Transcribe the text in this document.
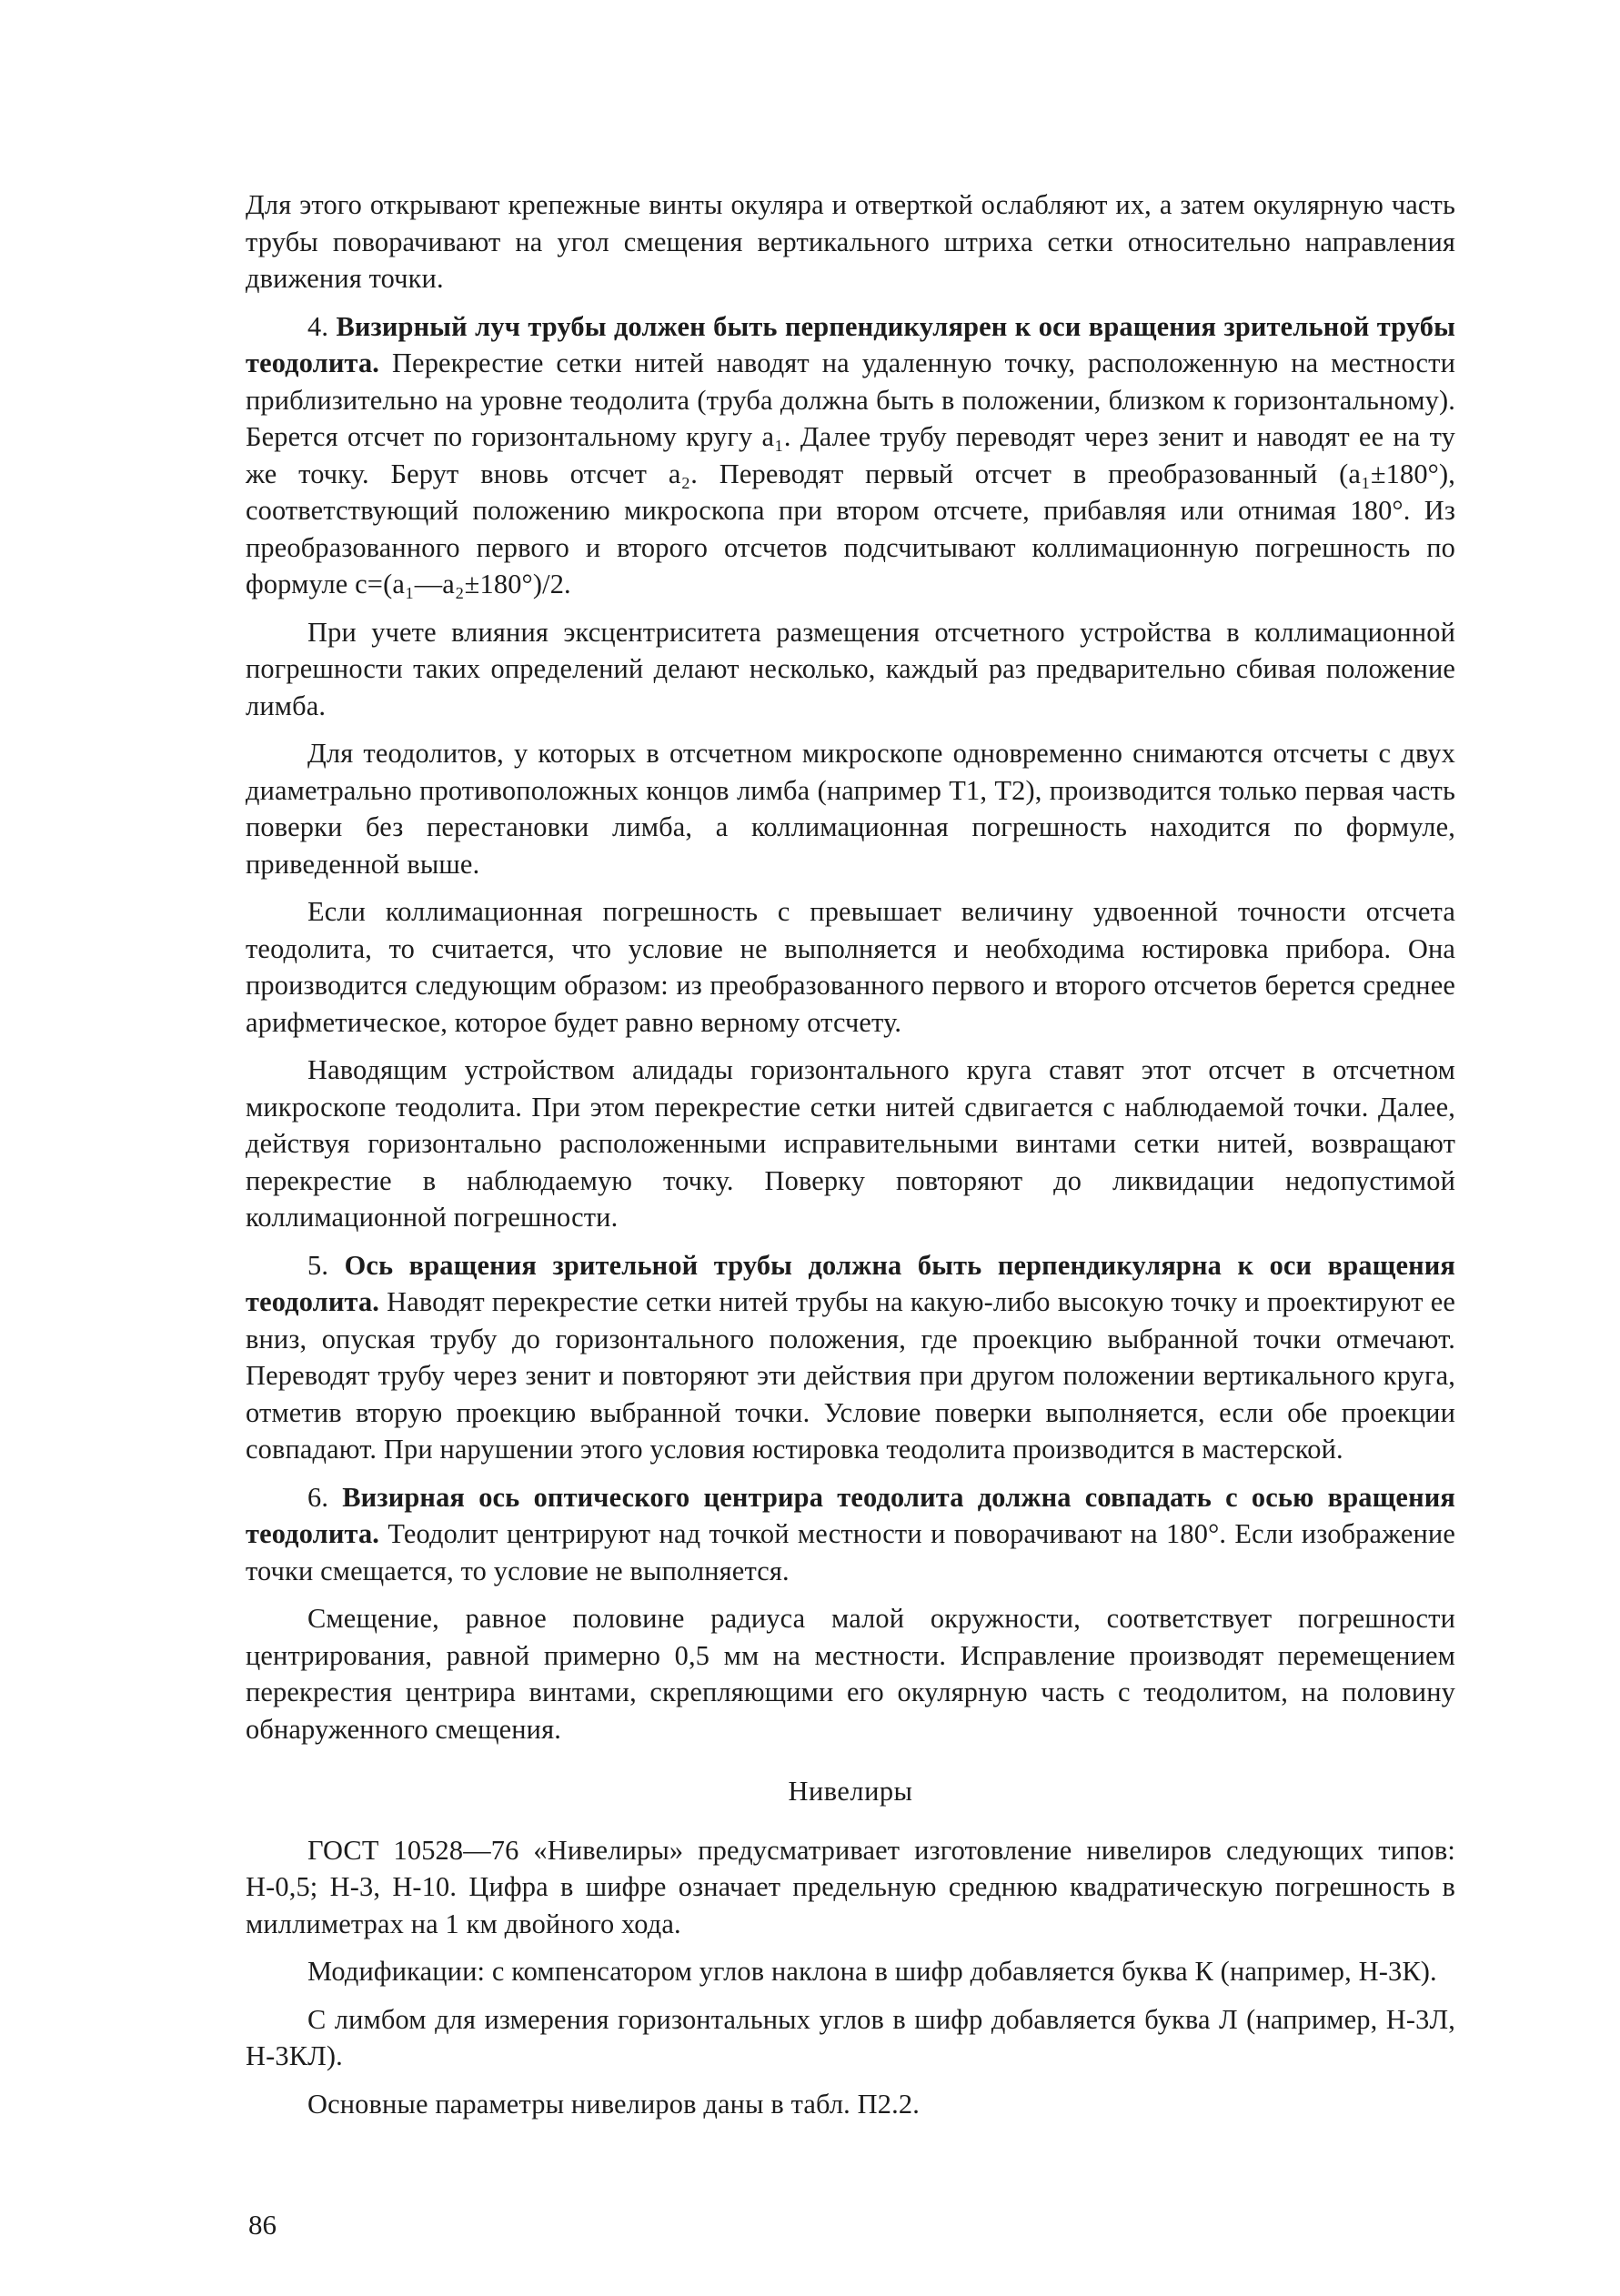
Для этого открывают крепежные винты окуляра и отверткой ослабляют их, а затем окулярную часть трубы поворачивают на угол смещения вертикального штриха сетки относительно направления движения точки.

4. Визирный луч трубы должен быть перпендикулярен к оси вращения зрительной трубы теодолита. Перекрестие сетки нитей наводят на удаленную точку, расположенную на местности приблизительно на уровне теодолита (труба должна быть в положении, близком к горизонтальному). Берется отсчет по горизонтальному кругу a₁. Далее трубу переводят через зенит и наводят ее на ту же точку. Берут вновь отсчет a₂. Переводят первый отсчет в преобразованный (a₁±180°), соответствующий положению микроскопа при втором отсчете, прибавляя или отнимая 180°. Из преобразованного первого и второго отсчетов подсчитывают коллимационную погрешность по формуле c=(a₁—a₂±180°)/2.

При учете влияния эксцентриситета размещения отсчетного устройства в коллимационной погрешности таких определений делают несколько, каждый раз предварительно сбивая положение лимба.

Для теодолитов, у которых в отсчетном микроскопе одновременно снимаются отсчеты с двух диаметрально противоположных концов лимба (например Т1, Т2), производится только первая часть поверки без перестановки лимба, а коллимационная погрешность находится по формуле, приведенной выше.

Если коллимационная погрешность c превышает величину удвоенной точности отсчета теодолита, то считается, что условие не выполняется и необходима юстировка прибора. Она производится следующим образом: из преобразованного первого и второго отсчетов берется среднее арифметическое, которое будет равно верному отсчету.

Наводящим устройством алидады горизонтального круга ставят этот отсчет в отсчетном микроскопе теодолита. При этом перекрестие сетки нитей сдвигается с наблюдаемой точки. Далее, действуя горизонтально расположенными исправительными винтами сетки нитей, возвращают перекрестие в наблюдаемую точку. Поверку повторяют до ликвидации недопустимой коллимационной погрешности.

5. Ось вращения зрительной трубы должна быть перпендикулярна к оси вращения теодолита. Наводят перекрестие сетки нитей трубы на какую-либо высокую точку и проектируют ее вниз, опуская трубу до горизонтального положения, где проекцию выбранной точки отмечают. Переводят трубу через зенит и повторяют эти действия при другом положении вертикального круга, отметив вторую проекцию выбранной точки. Условие поверки выполняется, если обе проекции совпадают. При нарушении этого условия юстировка теодолита производится в мастерской.

6. Визирная ось оптического центрира теодолита должна совпадать с осью вращения теодолита. Теодолит центрируют над точкой местности и поворачивают на 180°. Если изображение точки смещается, то условие не выполняется.

Смещение, равное половине радиуса малой окружности, соответствует погрешности центрирования, равной примерно 0,5 мм на местности. Исправление производят перемещением перекрестия центрира винтами, скрепляющими его окулярную часть с теодолитом, на половину обнаруженного смещения.

Нивелиры

ГОСТ 10528—76 «Нивелиры» предусматривает изготовление нивелиров следующих типов: Н-0,5; Н-3, Н-10. Цифра в шифре означает предельную среднюю квадратическую погрешность в миллиметрах на 1 км двойного хода.

Модификации: с компенсатором углов наклона в шифр добавляется буква К (например, Н-3К).

С лимбом для измерения горизонтальных углов в шифр добавляется буква Л (например, Н-3Л, Н-3КЛ).

Основные параметры нивелиров даны в табл. П2.2.

86
